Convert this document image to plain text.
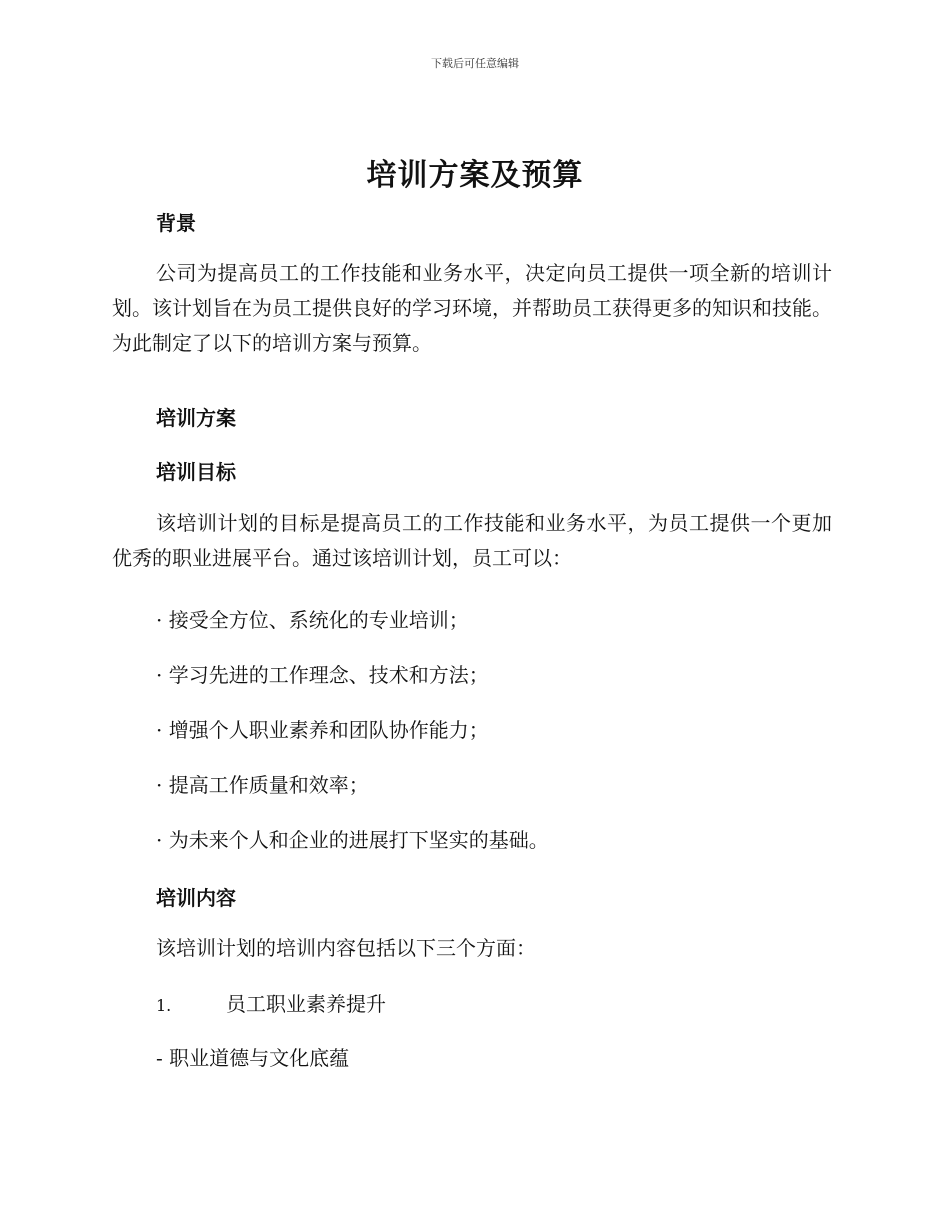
下载后可任意编辑
培训方案及预算
背景

公司为提高员工的工作技能和业务水平，决定向员工提供一项全新的培训计划。该计划旨在为员工提供良好的学习环境，并帮助员工获得更多的知识和技能。为此制定了以下的培训方案与预算。

培训方案
培训目标

该培训计划的目标是提高员工的工作技能和业务水平，为员工提供一个更加优秀的职业进展平台。通过该培训计划，员工可以：

· 接受全方位、系统化的专业培训；

· 学习先进的工作理念、技术和方法；

· 增强个人职业素养和团队协作能力；

· 提高工作质量和效率；

· 为未来个人和企业的进展打下坚实的基础。

培训内容

该培训计划的培训内容包括以下三个方面：

1.	员工职业素养提升

- 职业道德与文化底蕴
